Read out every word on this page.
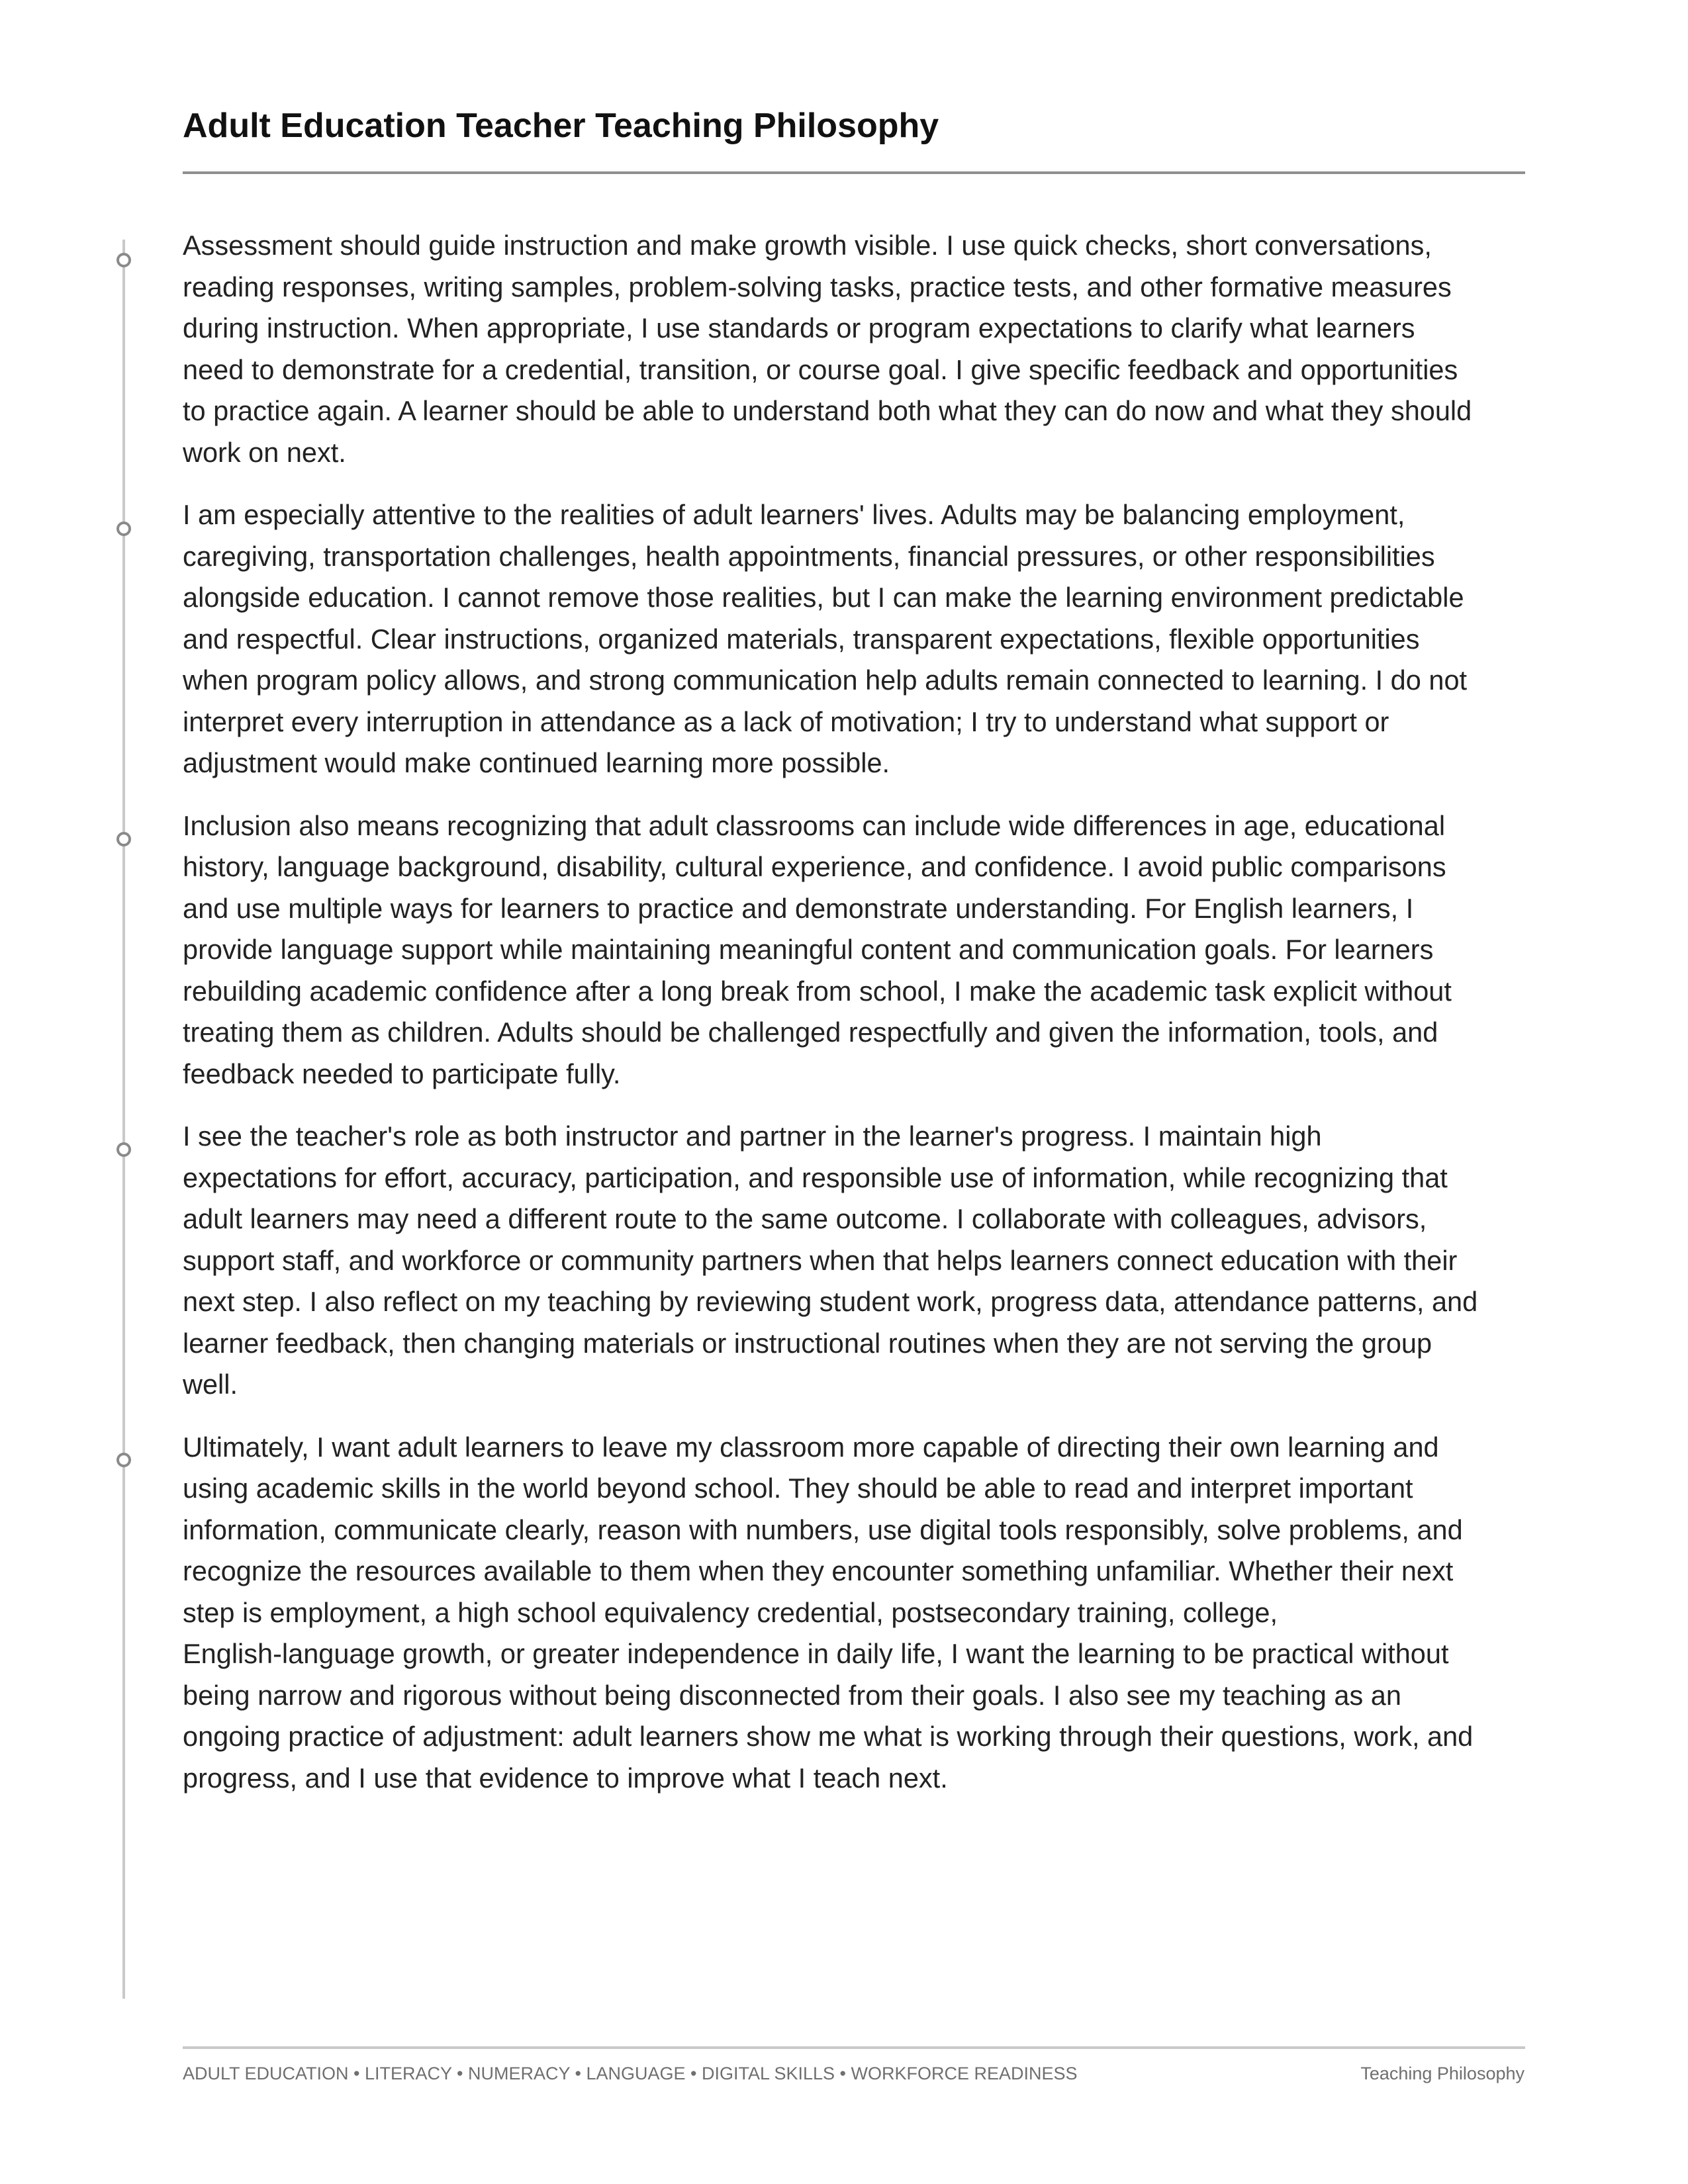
Adult Education Teacher Teaching Philosophy

Assessment should guide instruction and make growth visible. I use quick checks, short conversations,
reading responses, writing samples, problem-solving tasks, practice tests, and other formative measures
during instruction. When appropriate, I use standards or program expectations to clarify what learners
need to demonstrate for a credential, transition, or course goal. I give specific feedback and opportunities
to practice again. A learner should be able to understand both what they can do now and what they should
work on next.

I am especially attentive to the realities of adult learners' lives. Adults may be balancing employment,
caregiving, transportation challenges, health appointments, financial pressures, or other responsibilities
alongside education. I cannot remove those realities, but I can make the learning environment predictable
and respectful. Clear instructions, organized materials, transparent expectations, flexible opportunities
when program policy allows, and strong communication help adults remain connected to learning. I do not
interpret every interruption in attendance as a lack of motivation; I try to understand what support or
adjustment would make continued learning more possible.

Inclusion also means recognizing that adult classrooms can include wide differences in age, educational
history, language background, disability, cultural experience, and confidence. I avoid public comparisons
and use multiple ways for learners to practice and demonstrate understanding. For English learners, I
provide language support while maintaining meaningful content and communication goals. For learners
rebuilding academic confidence after a long break from school, I make the academic task explicit without
treating them as children. Adults should be challenged respectfully and given the information, tools, and
feedback needed to participate fully.

I see the teacher's role as both instructor and partner in the learner's progress. I maintain high
expectations for effort, accuracy, participation, and responsible use of information, while recognizing that
adult learners may need a different route to the same outcome. I collaborate with colleagues, advisors,
support staff, and workforce or community partners when that helps learners connect education with their
next step. I also reflect on my teaching by reviewing student work, progress data, attendance patterns, and
learner feedback, then changing materials or instructional routines when they are not serving the group
well.

Ultimately, I want adult learners to leave my classroom more capable of directing their own learning and
using academic skills in the world beyond school. They should be able to read and interpret important
information, communicate clearly, reason with numbers, use digital tools responsibly, solve problems, and
recognize the resources available to them when they encounter something unfamiliar. Whether their next
step is employment, a high school equivalency credential, postsecondary training, college,
English-language growth, or greater independence in daily life, I want the learning to be practical without
being narrow and rigorous without being disconnected from their goals. I also see my teaching as an
ongoing practice of adjustment: adult learners show me what is working through their questions, work, and
progress, and I use that evidence to improve what I teach next.

ADULT EDUCATION • LITERACY • NUMERACY • LANGUAGE • DIGITAL SKILLS • WORKFORCE READINESS	Teaching Philosophy
